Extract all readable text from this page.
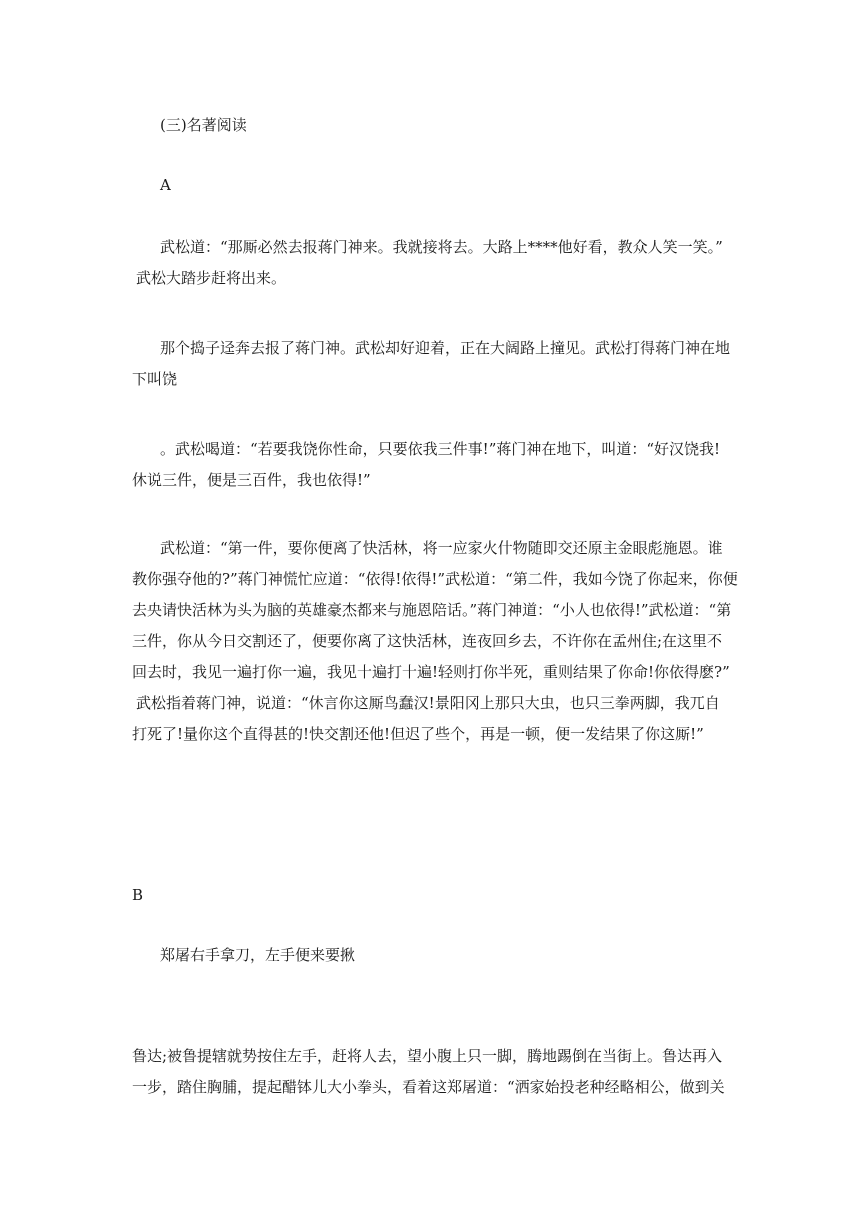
(三)名著阅读
A
武松道：“那厮必然去报蒋门神来。我就接将去。大路上****他好看，教众人笑一笑。”
武松大踏步赶将出来。
那个捣子迳奔去报了蒋门神。武松却好迎着，正在大阔路上撞见。武松打得蒋门神在地
下叫饶
。武松喝道：“若要我饶你性命，只要依我三件事!”蒋门神在地下，叫道：“好汉饶我!
休说三件，便是三百件，我也依得!”
武松道：“第一件，要你便离了快活林，将一应家火什物随即交还原主金眼彪施恩。谁
教你强夺他的?”蒋门神慌忙应道：“依得!依得!”武松道：“第二件，我如今饶了你起来，你便
去央请快活林为头为脑的英雄豪杰都来与施恩陪话。”蒋门神道：“小人也依得!”武松道：“第
三件，你从今日交割还了，便要你离了这快活林，连夜回乡去，不许你在孟州住;在这里不
回去时，我见一遍打你一遍，我见十遍打十遍!轻则打你半死，重则结果了你命!你依得麽?”
武松指着蒋门神，说道：“休言你这厮鸟蠢汉!景阳冈上那只大虫，也只三拳两脚，我兀自
打死了!量你这个直得甚的!快交割还他!但迟了些个，再是一顿，便一发结果了你这厮!”
B
郑屠右手拿刀，左手便来要揪
鲁达;被鲁提辖就势按住左手，赶将人去，望小腹上只一脚，腾地踢倒在当街上。鲁达再入
一步，踏住胸脯，提起醋钵儿大小拳头，看着这郑屠道：“洒家始投老种经略相公，做到关
